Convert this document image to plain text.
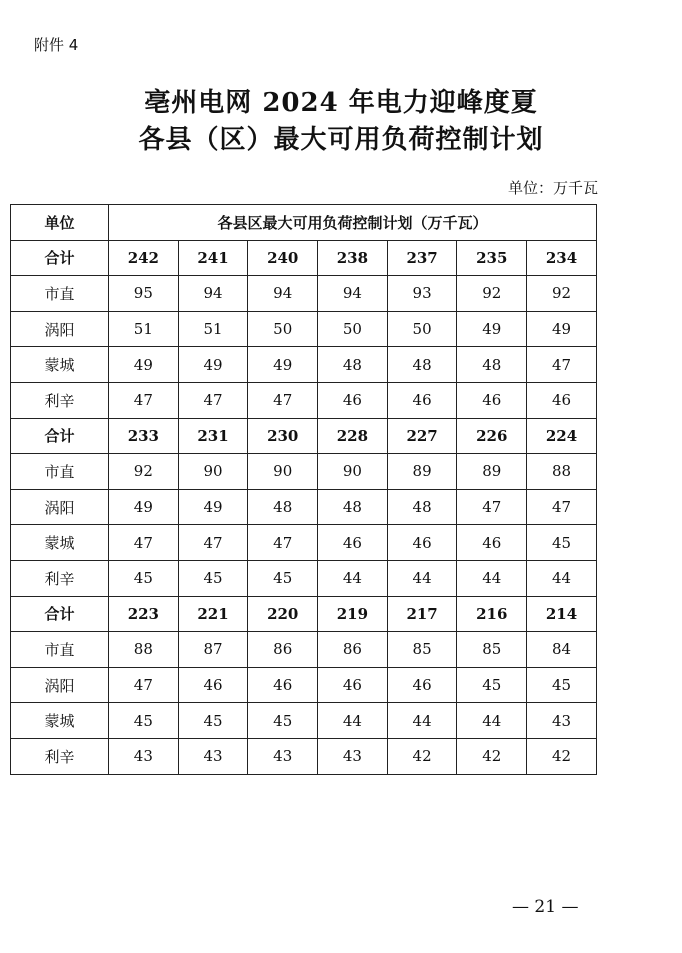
附件 4
亳州电网 2024 年电力迎峰度夏
各县（区）最大可用负荷控制计划
单位：万千瓦
单位	各县区最大可用负荷控制计划（万千瓦）						
合计	242	241	240	238	237	235	234
市直	95	94	94	94	93	92	92
涡阳	51	51	50	50	50	49	49
蒙城	49	49	49	48	48	48	47
利辛	47	47	47	46	46	46	46
合计	233	231	230	228	227	226	224
市直	92	90	90	90	89	89	88
涡阳	49	49	48	48	48	47	47
蒙城	47	47	47	46	46	46	45
利辛	45	45	45	44	44	44	44
合计	223	221	220	219	217	216	214
市直	88	87	86	86	85	85	84
涡阳	47	46	46	46	46	45	45
蒙城	45	45	45	44	44	44	43
利辛	43	43	43	43	42	42	42
— 21 —
